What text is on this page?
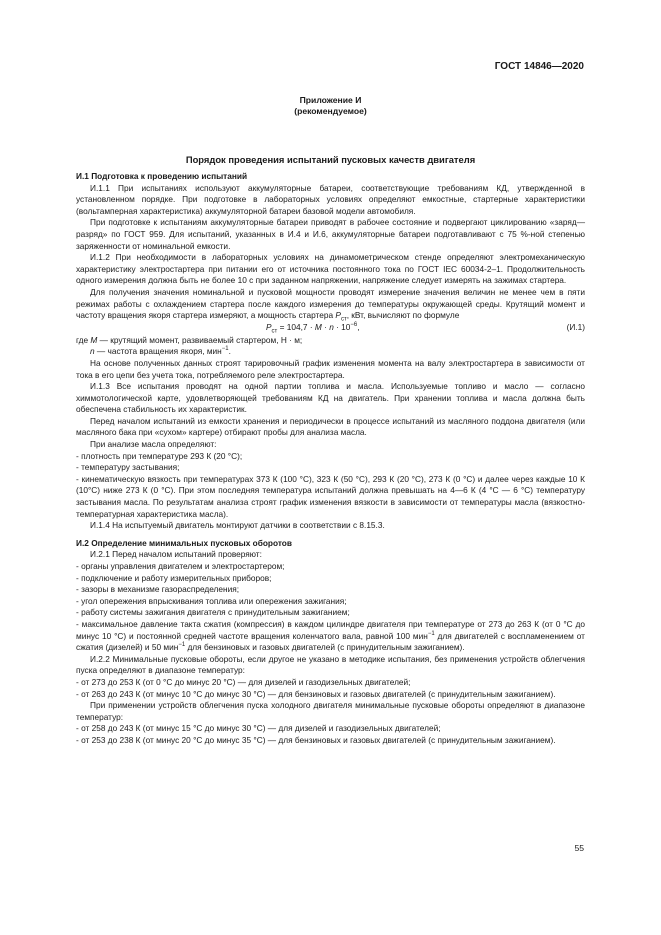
ГОСТ 14846—2020
Приложение И
(рекомендуемое)
Порядок проведения испытаний пусковых качеств двигателя

И.1 Подготовка к проведению испытаний

И.1.1 При испытаниях используют аккумуляторные батареи, соответствующие требованиям КД, утвержденной в установленном порядке. При подготовке в лабораторных условиях определяют емкостные, стартерные характеристики (вольтамперная характеристика) аккумуляторной батареи базовой модели автомобиля.

При подготовке к испытаниям аккумуляторные батареи приводят в рабочее состояние и подвергают циклированию «заряд—разряд» по ГОСТ 959. Для испытаний, указанных в И.4 и И.6, аккумуляторные батареи подготавливают с 75 %-ной степенью заряженности от номинальной емкости.

И.1.2 При необходимости в лабораторных условиях на динамометрическом стенде определяют электромеханическую характеристику электростартера при питании его от источника постоянного тока по ГОСТ IEC 60034-2–1. Продолжительность одного измерения должна быть не более 10 с при заданном напряжении, напряжение следует измерять на зажимах стартера.

Для получения значения номинальной и пусковой мощности проводят измерение значения величин не менее чем в пяти режимах работы с охлаждением стартера после каждого измерения до температуры окружающей среды. Крутящий момент и частоту вращения якоря стартера измеряют, а мощность стартера $P_{ст}$, кВт, вычисляют по формуле

$P_{ст} = 104,7 \cdot M \cdot n \cdot 10^{-6}$,	(И.1)

где M — крутящий момент, развиваемый стартером, Н · м;

n — частота вращения якоря, мин$^{-1}$.

На основе полученных данных строят тарировочный график изменения момента на валу электростартера в зависимости от тока в его цепи без учета тока, потребляемого реле электростартера.

И.1.3 Все испытания проводят на одной партии топлива и масла. Используемые топливо и масло — согласно химмотологической карте, удовлетворяющей требованиям КД на двигатель. При хранении топлива и масла должна быть обеспечена стабильность их характеристик.

Перед началом испытаний из емкости хранения и периодически в процессе испытаний из масляного поддона двигателя (или масляного бака при «сухом» картере) отбирают пробы для анализа масла.

При анализе масла определяют:

- плотность при температуре 293 К (20 °С);

- температуру застывания;

- кинематическую вязкость при температурах 373 К (100 °С), 323 К (50 °С), 293 К (20 °С), 273 К (0 °С) и далее через каждые 10 К (10°С) ниже 273 К (0 °С). При этом последняя температура испытаний должна превышать на 4—6 К (4 °С — 6 °С) температуру застывания масла. По результатам анализа строят график изменения вязкости в зависимости от температуры масла (вязкостно-температурная характеристика масла).

И.1.4 На испытуемый двигатель монтируют датчики в соответствии с 8.15.3.

И.2 Определение минимальных пусковых оборотов

И.2.1 Перед началом испытаний проверяют:

- органы управления двигателем и электростартером;

- подключение и работу измерительных приборов;

- зазоры в механизме газораспределения;

- угол опережения впрыскивания топлива или опережения зажигания;

- работу системы зажигания двигателя с принудительным зажиганием;

- максимальное давление такта сжатия (компрессия) в каждом цилиндре двигателя при температуре от 273 до 263 К (от 0 °С до минус 10 °С) и постоянной средней частоте вращения коленчатого вала, равной 100 мин$^{-1}$ для двигателей с воспламенением от сжатия (дизелей) и 50 мин$^{-1}$ для бензиновых и газовых двигателей (с принудительным зажиганием).

И.2.2 Минимальные пусковые обороты, если другое не указано в методике испытания, без применения устройств облегчения пуска определяют в диапазоне температур:

- от 273 до 253 К (от 0 °С до минус 20 °С) — для дизелей и газодизельных двигателей;

- от 263 до 243 К (от минус 10 °С до минус 30 °С) — для бензиновых и газовых двигателей (с принудительным зажиганием).

При применении устройств облегчения пуска холодного двигателя минимальные пусковые обороты определяют в диапазоне температур:

- от 258 до 243 К (от минус 15 °С до минус 30 °С) — для дизелей и газодизельных двигателей;

- от 253 до 238 К (от минус 20 °С до минус 35 °С) — для бензиновых и газовых двигателей (с принудительным зажиганием).

55
